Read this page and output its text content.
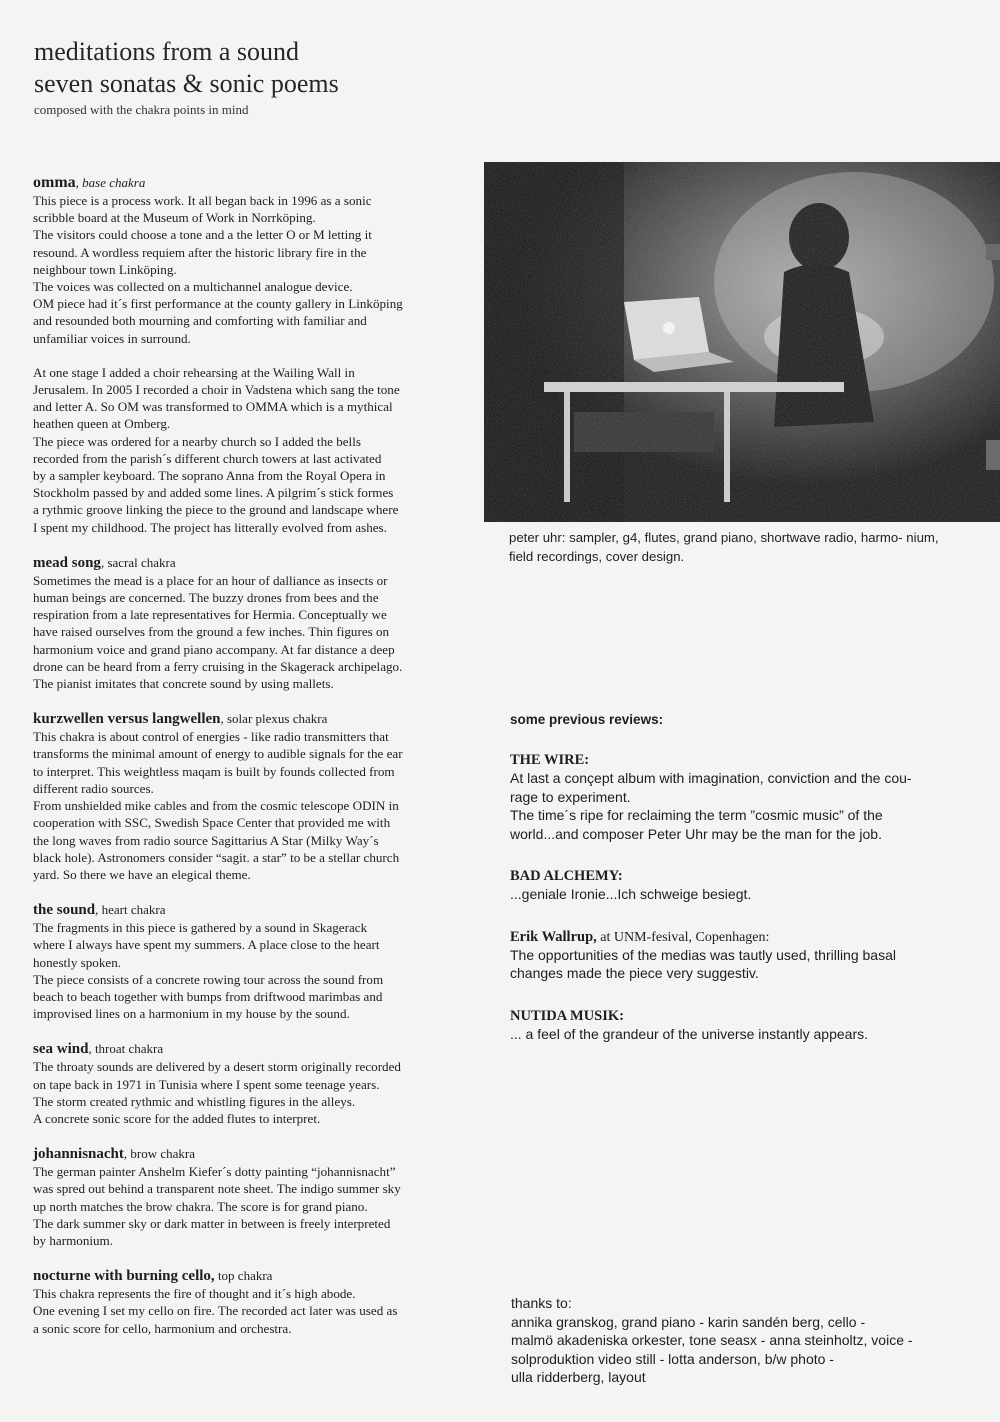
meditations from a sound
seven sonatas & sonic poems

composed with the chakra points in mind

omma, base chakra

This piece is a process work. It all began back in 1996 as a sonic
scribble board at the Museum of Work in Norrköping.
The visitors could choose a tone and a the letter O or M letting it
resound. A wordless requiem after the historic library fire in the
neighbour town Linköping.
The voices was collected on a multichannel analogue device.
OM piece had it´s first performance at the county gallery in Linköping
and resounded both mourning and comforting with familiar and
unfamiliar voices in surround.

At one stage I added a choir rehearsing at the Wailing Wall in
Jerusalem. In 2005 I recorded a choir in Vadstena which sang the tone
and letter A. So OM was transformed to OMMA which is a mythical
heathen queen at Omberg.
The piece was ordered for a nearby church so I added the bells
recorded from the parish´s different church towers at last activated
by a sampler keyboard. The soprano Anna from the Royal Opera in
Stockholm passed by and added some lines. A pilgrim´s stick formes
a rythmic groove linking the piece to the ground and landscape where
I spent my childhood. The project has litterally evolved from ashes.

mead song, sacral chakra

Sometimes the mead is a place for an hour of dalliance as insects or
human beings are concerned. The buzzy drones from bees and the
respiration from a late representatives for Hermia. Conceptually we
have raised ourselves from the ground a few inches. Thin figures on
harmonium voice and grand piano accompany. At far distance a deep
drone can be heard from a ferry cruising in the Skagerack archipelago.
The pianist imitates that concrete sound by using mallets.

kurzwellen versus langwellen, solar plexus chakra

This chakra is about control of energies - like radio transmitters that
transforms the minimal amount of energy to audible signals for the ear
to interpret. This weightless maqam is built by founds collected from
different radio sources.
From unshielded mike cables and from the cosmic telescope ODIN in
cooperation with SSC, Swedish Space Center that provided me with
the long waves from radio source Sagittarius A Star (Milky Way´s
black hole). Astronomers consider “sagit. a star” to be a stellar church
yard. So there we have an elegical theme.

the sound, heart chakra

The fragments in this piece is gathered by a sound in Skagerack
where I always have spent my summers. A place close to the heart
honestly spoken.
The piece consists of a concrete rowing tour across the sound from
beach to beach together with bumps from driftwood marimbas and
improvised lines on a harmonium in my house by the sound.

sea wind, throat chakra

The throaty sounds are delivered by a desert storm originally recorded
on tape back in 1971 in Tunisia where I spent some teenage years.
The storm created rythmic and whistling figures in the alleys.
A concrete sonic score for the added flutes to interpret.

johannisnacht, brow chakra

The german painter Anshelm Kiefer´s dotty painting “johannisnacht”
was spred out behind a transparent note sheet. The indigo summer sky
up north matches the brow chakra. The score is for grand piano.
The dark summer sky or dark matter in between is freely interpreted
by harmonium.

nocturne with burning cello, top chakra

This chakra represents the fire of thought and it´s high abode.
One evening I set my cello on fire. The recorded act later was used as
a sonic score for cello, harmonium and orchestra.

peter uhr: sampler, g4, flutes, grand piano, shortwave radio, harmo- nium, field recordings, cover design.

some previous reviews:

THE WIRE:

At last a conçept album with imagination, conviction and the cou-
rage to experiment.
The time´s ripe for reclaiming the term ”cosmic music” of the
world...and composer Peter Uhr may be the man for the job.

BAD ALCHEMY:

...geniale Ironie...Ich schweige besiegt.

Erik Wallrup, at UNM-fesival, Copenhagen:

The opportunities of the medias was tautly used, thrilling basal
changes made the piece very suggestiv.

NUTIDA MUSIK:

... a feel of the grandeur of the universe instantly appears.

thanks to:

annika granskog, grand piano - karin sandén berg, cello -
malmö akadeniska orkester, tone seasx - anna steinholtz, voice -
solproduktion video still - lotta anderson, b/w photo -
ulla ridderberg, layout
